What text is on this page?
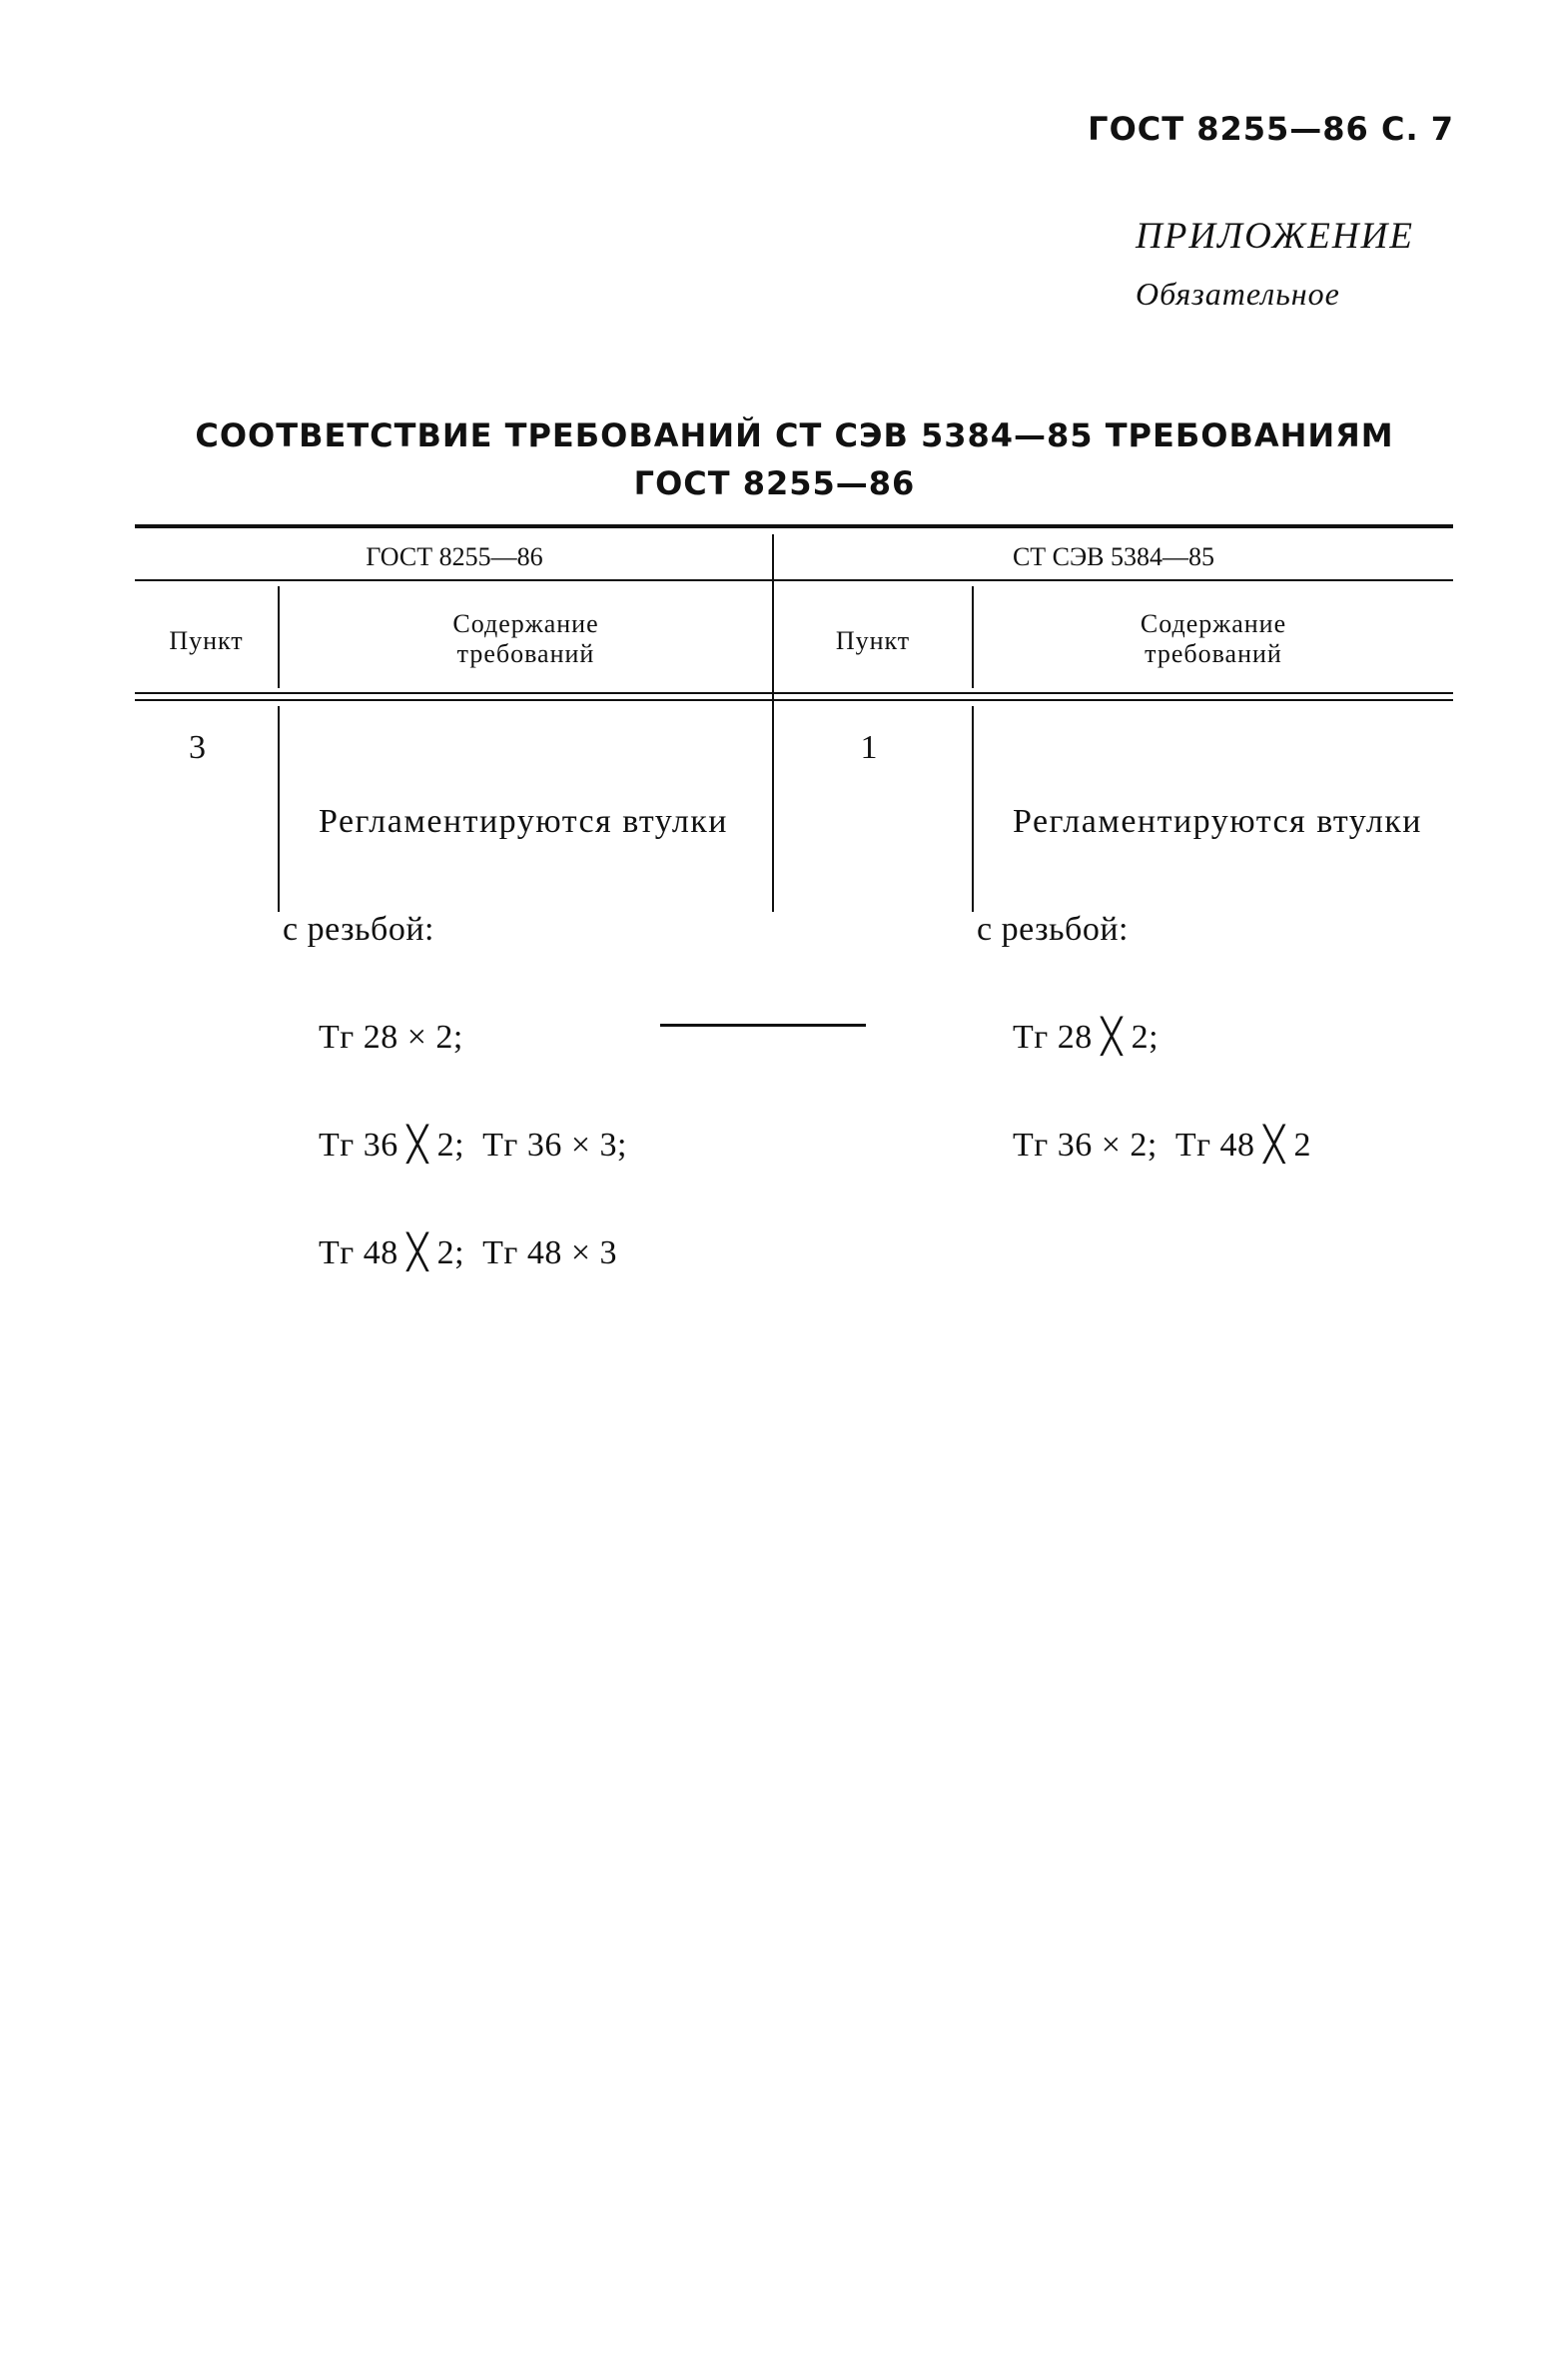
ГОСТ 8255—86 С. 7
ПРИЛОЖЕНИЕ
Обязательное
СООТВЕТСТВИЕ ТРЕБОВАНИЙ СТ СЭВ 5384—85 ТРЕБОВАНИЯМ
ГОСТ 8255—86
ГОСТ 8255—86	СТ СЭВ 5384—85
Пункт
Содержание
требований	Пункт
Содержание
требований
3

Регламентируются втулки

с резьбой:

Тг 28 × 2;

Тг 36 ╳ 2;  Тг 36 × 3;

Тг 48 ╳ 2;  Тг 48 × 3

1

Регламентируются втулки

с резьбой:

Тг 28 ╳ 2;

Тг 36 × 2;  Тг 48 ╳ 2
